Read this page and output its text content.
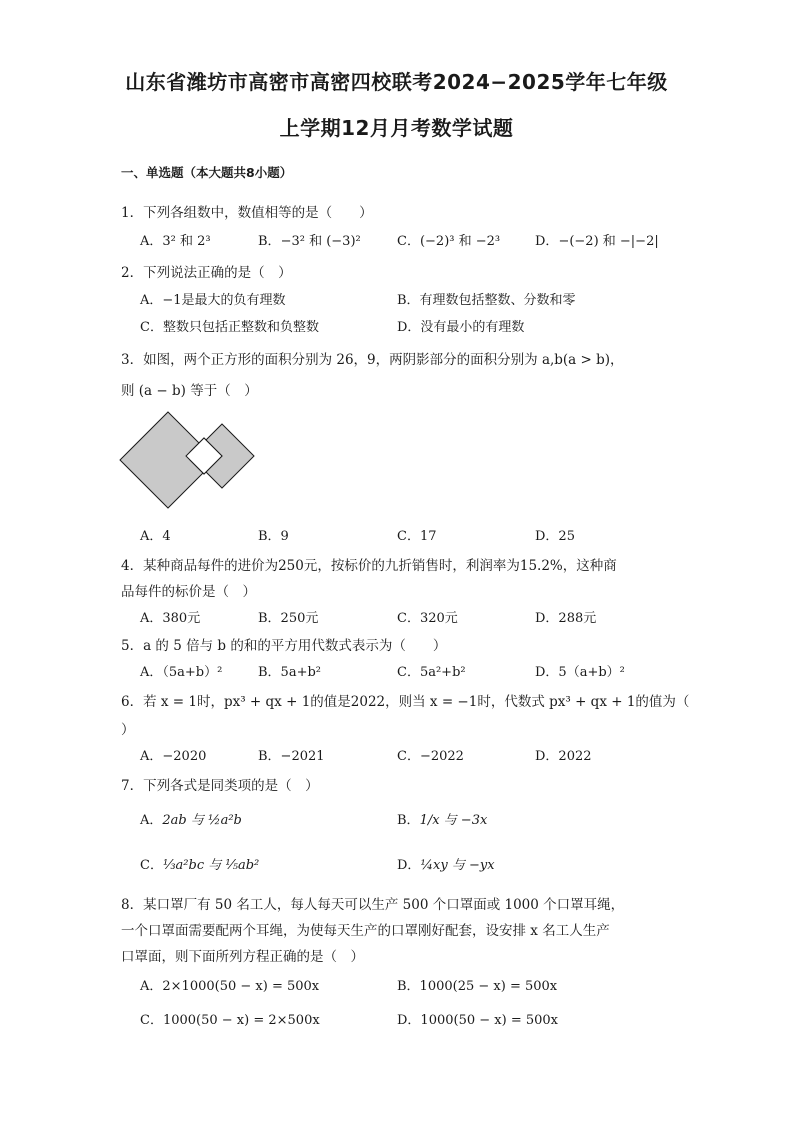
山东省潍坊市高密市高密四校联考2024−2025学年七年级
上学期12月月考数学试题
一、单选题（本大题共8小题）
1．下列各组数中，数值相等的是（　　）
A．3² 和 2³	B．−3² 和 (−3)²	C．(−2)³ 和 −2³	D．−(−2) 和 −|−2|
2．下列说法正确的是（　）
A．−1是最大的负有理数	B．有理数包括整数、分数和零
C．整数只包括正整数和负整数	D．没有最小的有理数
3．如图，两个正方形的面积分别为 26，9，两阴影部分的面积分别为 a,b(a > b)，
则 (a − b) 等于（　）
A．4	B．9	C．17	D．25
4．某种商品每件的进价为250元，按标价的九折销售时，利润率为15.2%，这种商
品每件的标价是（　）
A．380元	B．250元	C．320元	D．288元
5．a 的 5 倍与 b 的和的平方用代数式表示为（　　）
A．（5a+b）²	B．5a+b²	C．5a²+b²	D．5（a+b）²
6．若 x = 1时，px³ + qx + 1的值是2022，则当 x = −1时，代数式 px³ + qx + 1的值为（
）
A．−2020	B．−2021	C．−2022	D．2022
7．下列各式是同类项的是（　）
A．2ab 与 ½a²b	B．1/x 与 −3x
C．⅓a²bc 与 ⅕ab²	D．¼xy 与 −yx
8．某口罩厂有 50 名工人，每人每天可以生产 500 个口罩面或 1000 个口罩耳绳，
一个口罩面需要配两个耳绳，为使每天生产的口罩刚好配套，设安排 x 名工人生产
口罩面，则下面所列方程正确的是（　）
A．2×1000(50 − x) = 500x	B．1000(25 − x) = 500x
C．1000(50 − x) = 2×500x	D．1000(50 − x) = 500x
